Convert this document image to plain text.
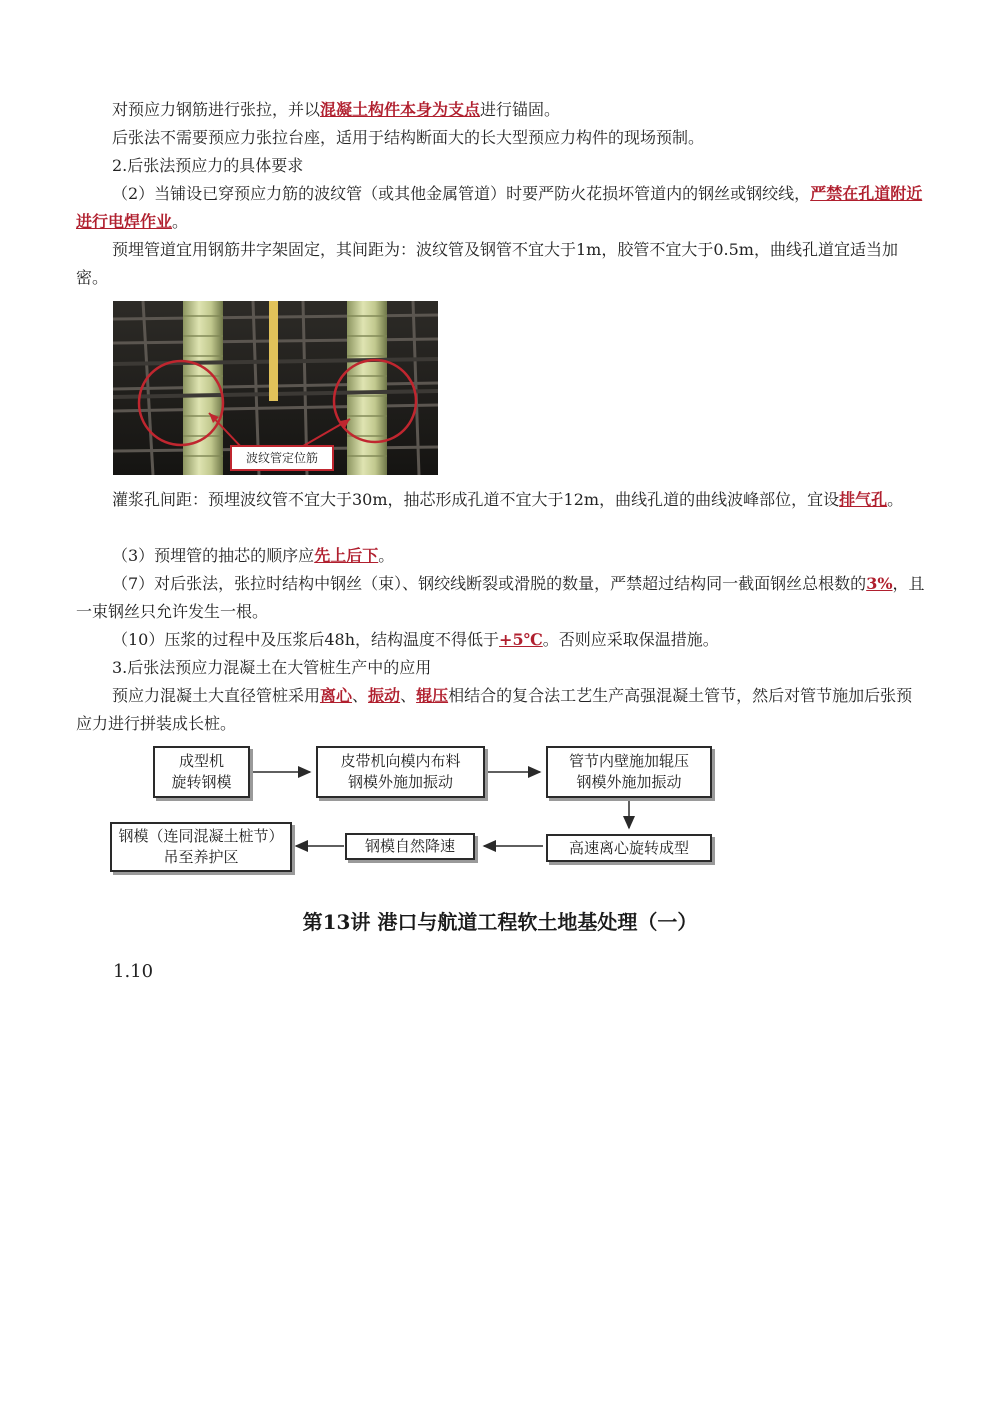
对预应力钢筋进行张拉，并以混凝土构件本身为支点进行锚固。

后张法不需要预应力张拉台座，适用于结构断面大的长大型预应力构件的现场预制。

2.后张法预应力的具体要求

（2）当铺设已穿预应力筋的波纹管（或其他金属管道）时要严防火花损坏管道内的钢丝或钢绞线，严禁在孔道附近进行电焊作业。

预埋管道宜用钢筋井字架固定，其间距为：波纹管及钢管不宜大于1m，胶管不宜大于0.5m，曲线孔道宜适当加密。

波纹管定位筋

灌浆孔间距：预埋波纹管不宜大于30m，抽芯形成孔道不宜大于12m，曲线孔道的曲线波峰部位，宜设排气孔。

（3）预埋管的抽芯的顺序应先上后下。

（7）对后张法，张拉时结构中钢丝（束）、钢绞线断裂或滑脱的数量，严禁超过结构同一截面钢丝总根数的3%，且一束钢丝只允许发生一根。

（10）压浆的过程中及压浆后48h，结构温度不得低于+5℃。否则应采取保温措施。

3.后张法预应力混凝土在大管桩生产中的应用

预应力混凝土大直径管桩采用离心、振动、辊压相结合的复合法工艺生产高强混凝土管节，然后对管节施加后张预应力进行拼装成长桩。

成型机
旋转钢模
皮带机向模内布料
钢模外施加振动
管节内壁施加辊压
钢模外施加振动
高速离心旋转成型
钢模自然降速
钢模（连同混凝土桩节）
吊至养护区
第13讲 港口与航道工程软土地基处理（一）
1.10
